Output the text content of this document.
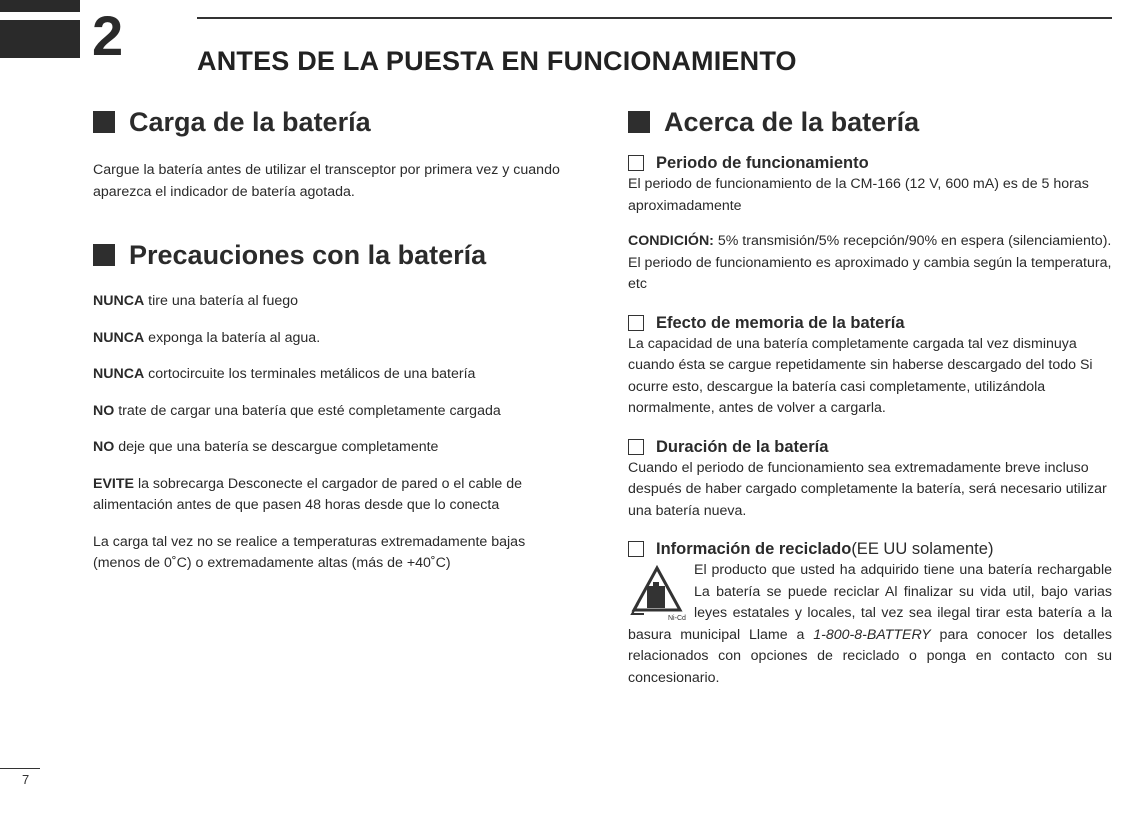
2	ANTES DE LA PUESTA EN FUNCIONAMIENTO
Carga de la batería

Cargue la batería antes de utilizar el transceptor por primera vez y cuando aparezca el indicador de batería agotada.

Precauciones con la batería

NUNCA tire una batería al fuego

NUNCA exponga la batería al agua.

NUNCA cortocircuite los terminales metálicos de una batería

NO trate de cargar una batería que esté completamente cargada

NO deje que una batería se descargue completamente

EVITE la sobrecarga Desconecte el cargador de pared o el cable de alimentación antes de que pasen 48 horas desde que lo conecta

La carga tal vez no se realice a temperaturas extremadamente bajas (menos de 0˚C) o extremadamente altas (más de +40˚C)

Acerca de la batería
Periodo de funcionamiento

El periodo de funcionamiento de la CM-166 (12 V, 600 mA) es de 5 horas aproximadamente

CONDICIÓN: 5% transmisión/5% recepción/90% en espera (silenciamiento).

El periodo de funcionamiento es aproximado y cambia según la temperatura, etc

Efecto de memoria de la batería

La capacidad de una batería completamente cargada tal vez disminuya cuando ésta se cargue repetidamente sin haberse descargado del todo Si ocurre esto, descargue la batería casi completamente, utilizándola normalmente, antes de volver a cargarla.

Duración de la batería

Cuando el periodo de funcionamiento sea extremadamente breve incluso después de haber cargado completamente la batería, será necesario utilizar una batería nueva.

Información de reciclado (EE UU solamente)
Ni-Cd

El producto que usted ha adquirido tiene una batería rechargable La batería se puede reciclar Al finalizar su vida util, bajo varias leyes estatales y locales, tal vez sea ilegal tirar esta batería a la basura municipal Llame a 1-800-8-BATTERY para conocer los detalles relacionados con opciones de reciclado o ponga en contacto con su concesionario.

7
